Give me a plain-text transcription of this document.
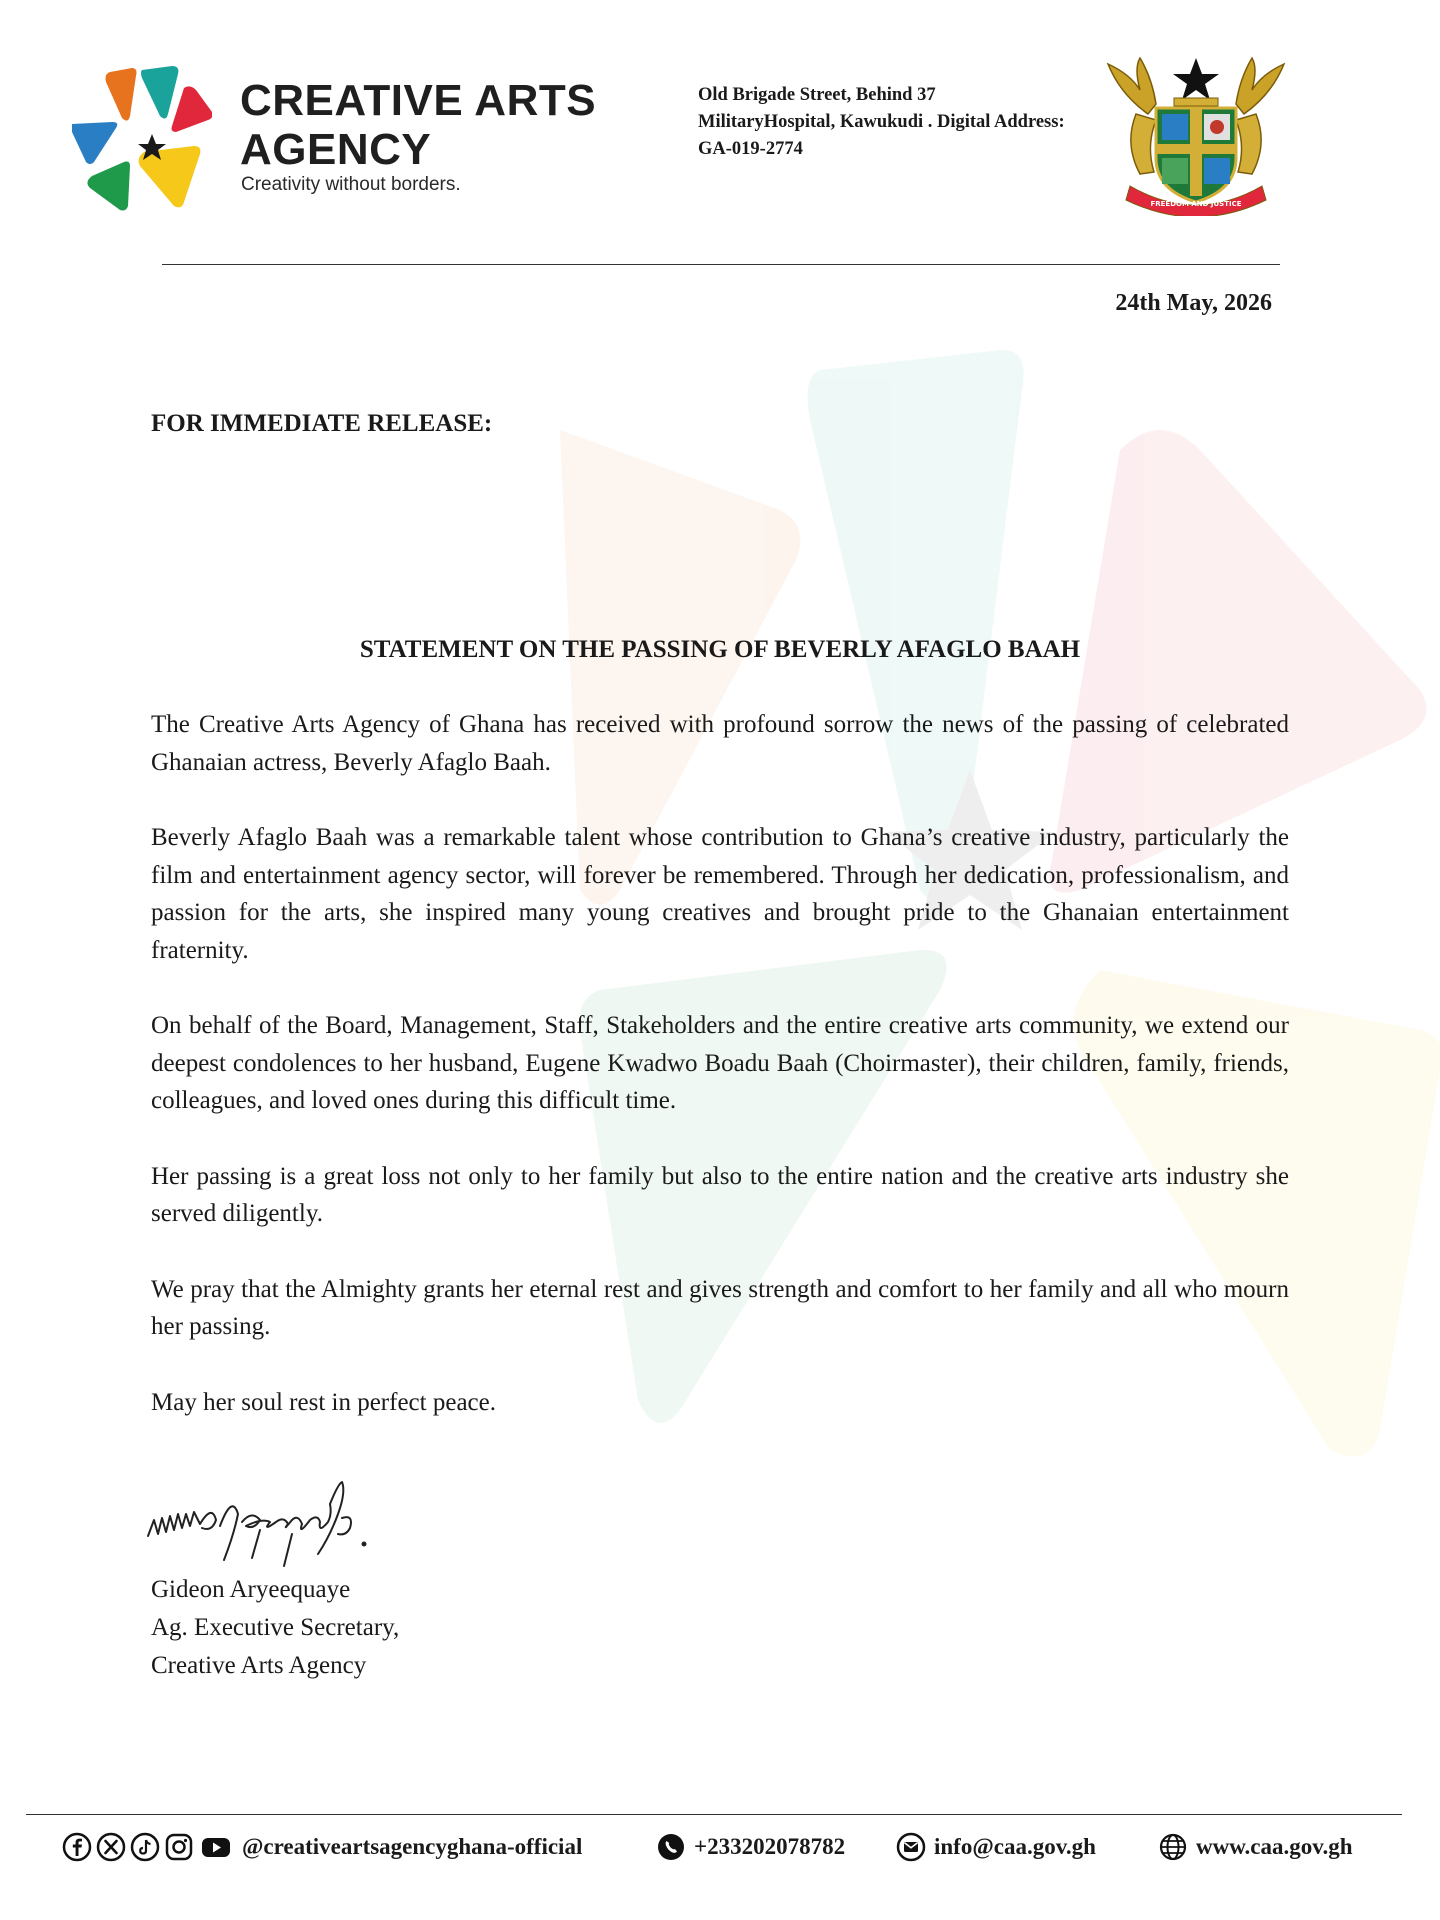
CREATIVE ARTS AGENCY
Creativity without borders.
Old Brigade Street, Behind 37
MilitaryHospital, Kawukudi . Digital Address:
GA-019-2774
FREEDOM AND JUSTICE
24th May, 2026
FOR IMMEDIATE RELEASE:
STATEMENT ON THE PASSING OF BEVERLY AFAGLO BAAH

The Creative Arts Agency of Ghana has received with profound sorrow the news of the passing of celebrated Ghanaian actress, Beverly Afaglo Baah.

Beverly Afaglo Baah was a remarkable talent whose contribution to Ghana’s creative industry, particularly the film and entertainment agency sector, will forever be remembered. Through her dedication, professionalism, and passion for the arts, she inspired many young creatives and brought pride to the Ghanaian entertainment fraternity.

On behalf of the Board, Management, Staff, Stakeholders and the entire creative arts community, we extend our deepest condolences to her husband, Eugene Kwadwo Boadu Baah (Choirmaster), their children, family, friends, colleagues, and loved ones during this difficult time.

Her passing is a great loss not only to her family but also to the entire nation and the creative arts industry she served diligently.

We pray that the Almighty grants her eternal rest and gives strength and comfort to her family and all who mourn her passing.

May her soul rest in perfect peace.

Gideon Aryeequaye
Ag. Executive Secretary,
Creative Arts Agency
@creativeartsagencyghana-official	+233202078782	info@caa.gov.gh	www.caa.gov.gh
